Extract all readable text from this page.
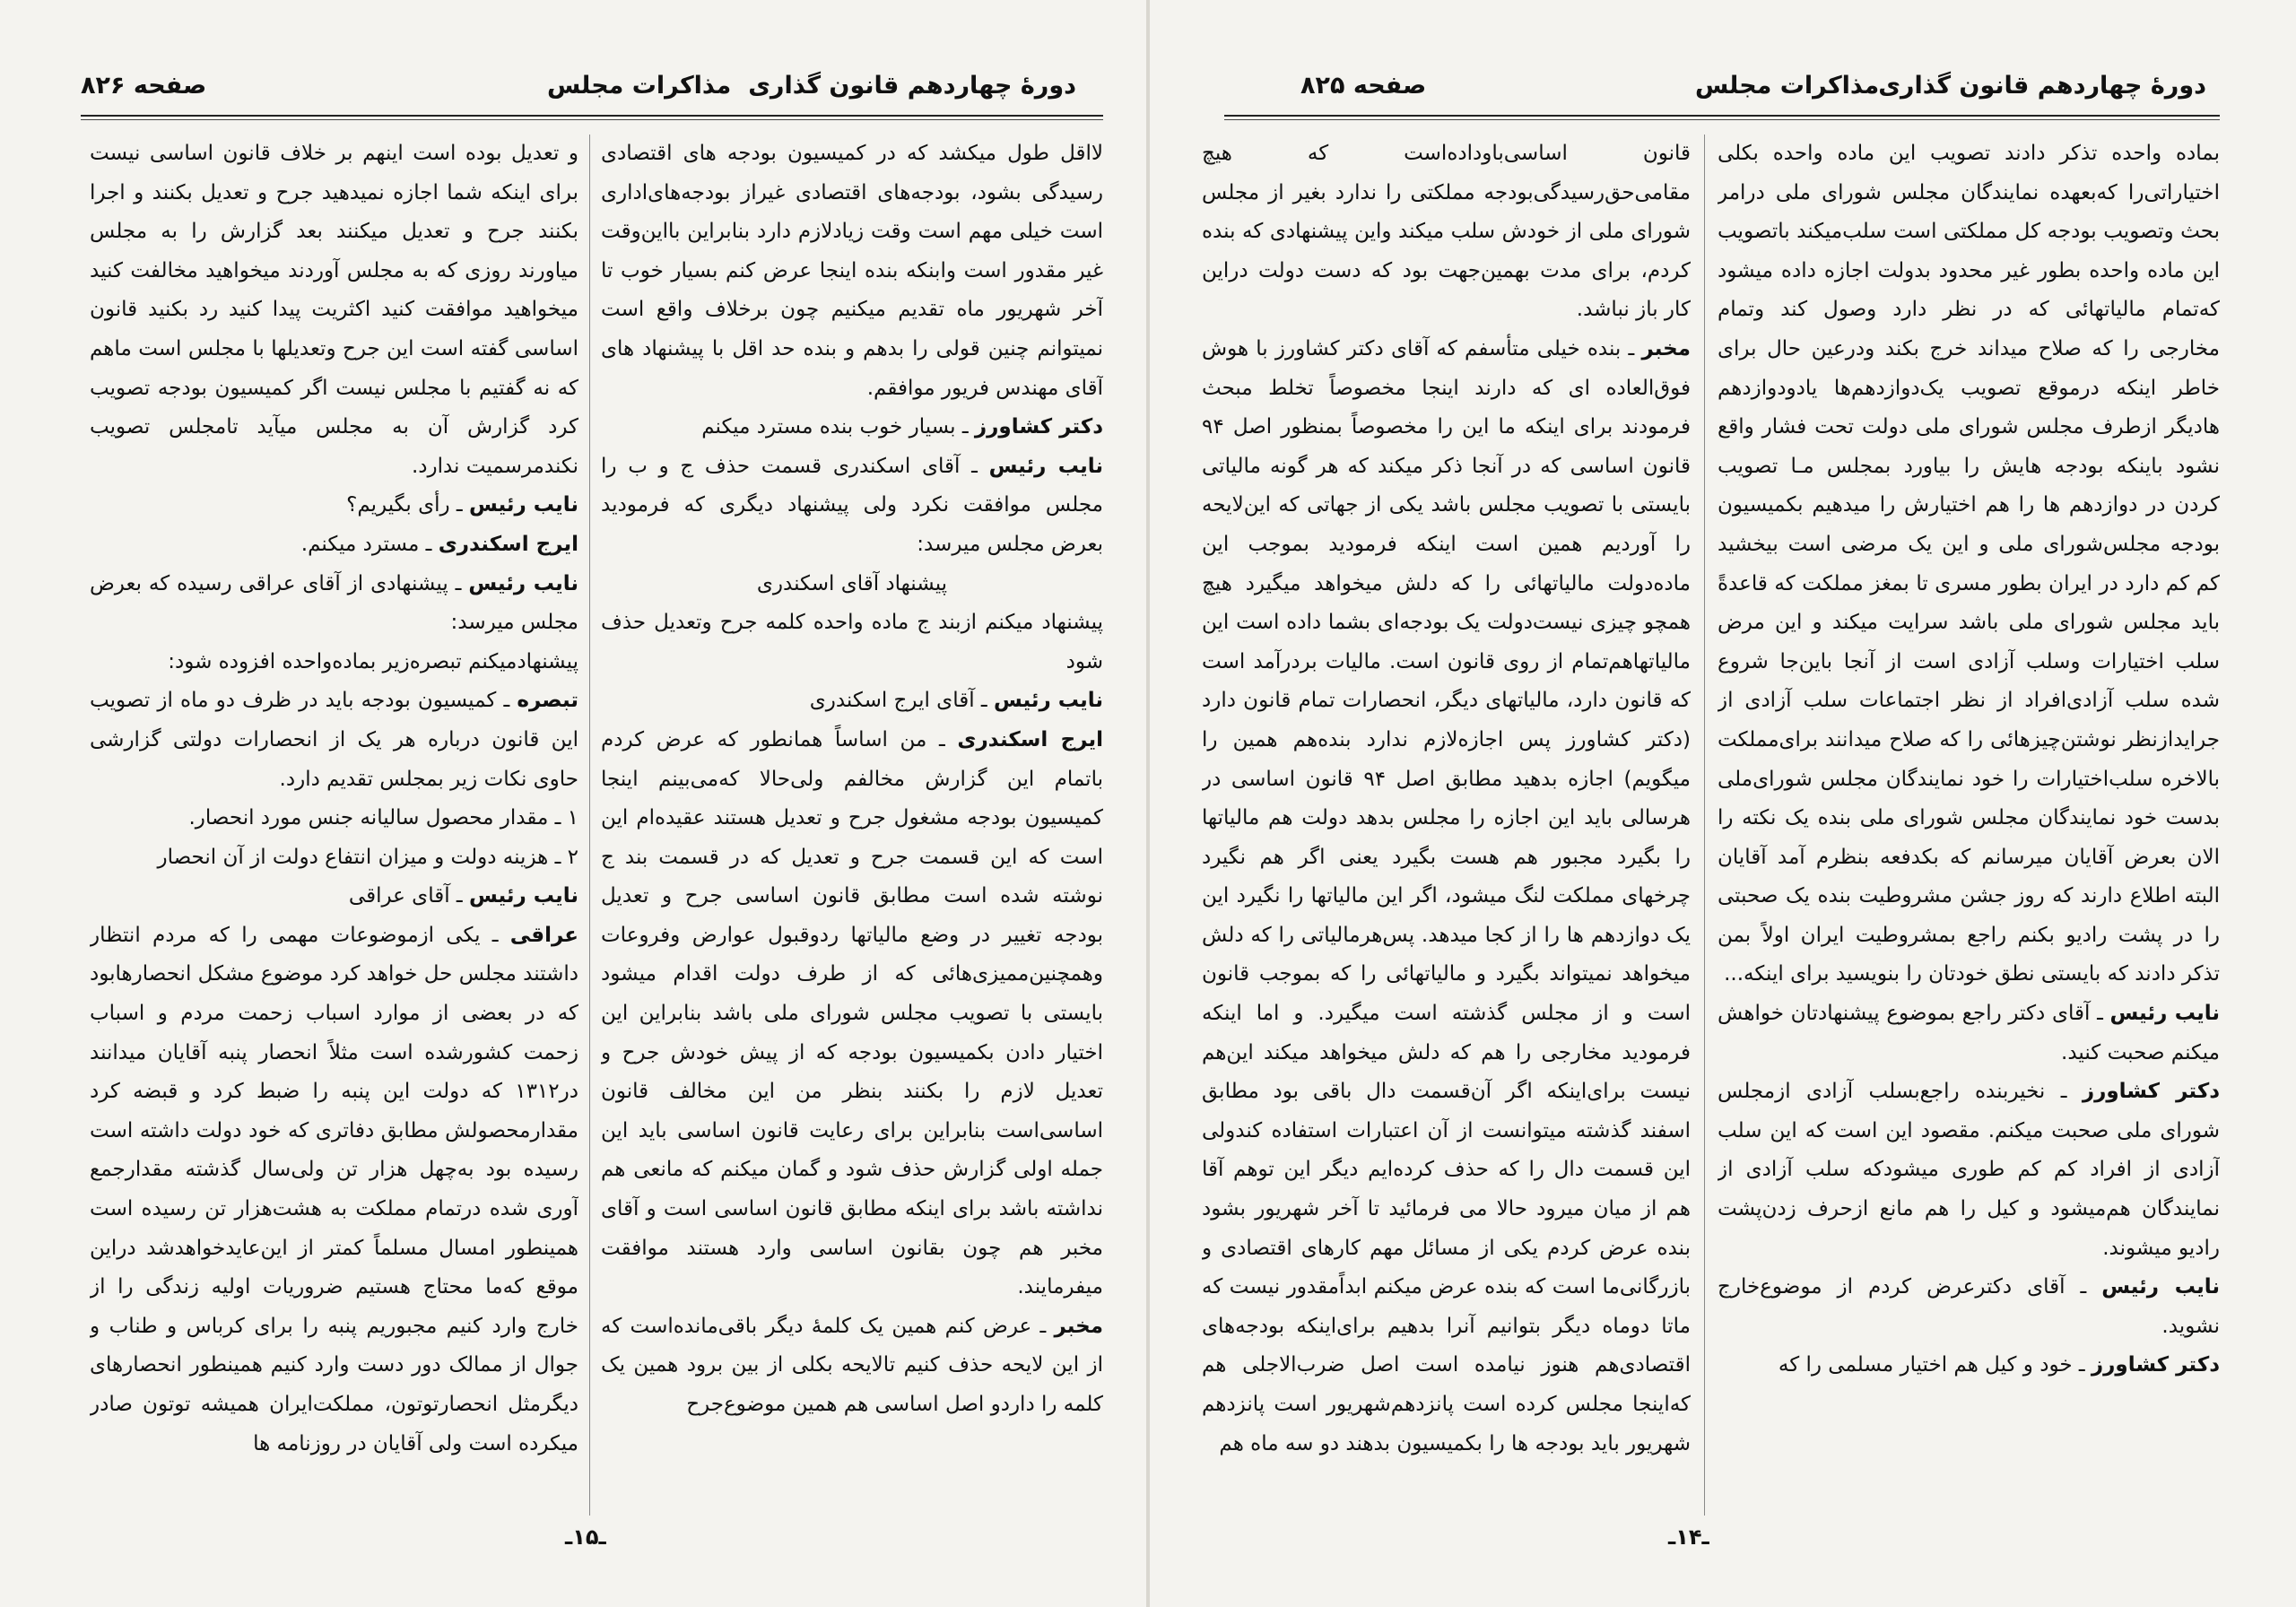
صفحه ۸۲۶	مذاکرات مجلس دورهٔ چهاردهم قانون گذاری

لااقل طول میکشد که در کمیسیون بودجه های اقتصادی رسیدگی بشود، بودجه‌های اقتصادی غیراز بودجه‌های‌اداری است خیلی مهم است وقت زیادلازم دارد بنابراین با‌این‌وقت غیر مقدور است وابنکه بنده اینجا عرض کنم بسیار خوب تا آخر شهریور ماه تقدیم میکنیم چون برخلاف واقع است نمیتوانم چنین قولی را بدهم و بنده حد اقل با پیشنهاد های آقای مهندس فریور موافقم.

دکتر کشاورز ـ بسیار خوب بنده مسترد میکنم

نایب رئیس ـ آقای اسکندری قسمت حذف ج و ب را مجلس موافقت نکرد ولی پیشنهاد دیگری که فرمودید بعرض مجلس میرسد:

پیشنهاد آقای اسکندری

پیشنهاد میکنم ازبند ج ماده واحده کلمه جرح وتعدیل حذف شود

نایب رئیس ـ آقای ایرج اسکندری

ایرج اسکندری ـ من اساساً همانطور که عرض کردم باتمام این گزارش مخالفم ولی‌حالا که‌می‌بینم اینجا کمیسیون بودجه مشغول جرح و تعدیل هستند عقیده‌ام این است که این قسمت جرح و تعدیل که در قسمت بند ج نوشته شده است مطابق قانون اساسی جرح و تعدیل بودجه تغییر در وضع مالیاتها رد‌وقبول عوارض وفروعات وهمچنین‌ممیزی‌هائی که از طرف دولت اقدام میشود بایستی با تصویب مجلس شورای ملی باشد بنابراین این اختیار دادن بکمیسیون بودجه که از پیش خودش جرح و تعدیل لازم را بکنند بنظر من این مخالف قانون اساسی‌است بنابراین برای رعایت قانون اساسی باید این جمله اولی گزارش حذف شود و گمان میکنم که مانعی هم نداشته باشد برای اینکه مطابق قانون اساسی است و آقای مخبر هم چون بقانون اساسی وارد هستند موافقت میفرمایند.

مخبر ـ عرض کنم همین یک کلمهٔ دیگر باقی‌مانده‌است که از این لایحه حذف کنیم تالایحه بکلی از بین برود همین یک کلمه را داردو اصل اساسی هم همین موضوع‌جرح

و تعدیل بوده است اینهم بر خلاف قانون اساسی نیست برای اینکه شما اجازه نمیدهید جرح و تعدیل بکنند و اجرا بکنند جرح و تعدیل میکنند بعد گزارش را به مجلس میاورند روزی که به مجلس آوردند میخواهید مخالفت کنید میخواهید موافقت کنید اکثریت پیدا کنید رد بکنید قانون اساسی گفته است این جرح وتعدیلها با مجلس است ماهم که نه گفتیم با مجلس نیست اگر کمیسیون بودجه تصویب کرد گزارش آن به مجلس میآید تامجلس تصویب نکند‌مرسمیت ندارد.

نایب رئیس ـ رأی بگیریم؟

ایرج اسکندری ـ مسترد میکنم.

نایب رئیس ـ پیشنهادی از آقای عراقی رسیده که بعرض مجلس میرسد:

پیشنهادمیکنم تبصره‌زیر بماده‌واحده افزوده شود:

تبصره ـ کمیسیون بودجه باید در ظرف دو ماه از تصویب این قانون درباره هر یک از انحصارات دولتی گزارشی حاوی نکات زیر بمجلس تقدیم دارد.

۱ ـ مقدار محصول سالیانه جنس مورد انحصار.

۲ ـ هزینه دولت و میزان انتفاع دولت از آن انحصار

نایب رئیس ـ آقای عراقی

عراقی ـ یکی ازموضوعات مهمی را که مردم انتظار داشتند مجلس حل خواهد کرد موضوع مشکل انحصارهابود که در بعضی از موارد اسباب زحمت مردم و اسباب زحمت کشورشده است مثلاً انحصار پنبه آقایان میدانند در۱۳۱۲ که دولت این پنبه را ضبط کرد و قبضه کرد مقدارمحصولش مطابق دفاتری که خود دولت داشته است رسیده بود به‌چهل هزار تن ولی‌سال گذشته مقدارجمع آوری شده درتمام مملکت به هشت‌هزار تن رسیده است همینطور امسال مسلماً کمتر از این‌عایدخواهدشد دراین موقع که‌ما محتاج هستیم ضروریات اولیه زندگی را از خارج وارد کنیم مجبوریم پنبه را برای کرباس و طناب و جوال از ممالک دور دست وارد کنیم همینطور انحصارهای دیگرمثل انحصارتوتون، مملکت‌ایران همیشه توتون صادر میکرده است ولی آقایان در روزنامه ها

ـ۱۵ـ
صفحه ۸۲۵	مذاکرات مجلس
دورهٔ چهاردهم قانون گذاری

بماده واحده تذکر دادند تصویب این ماده واحده بکلی اختیاراتی‌را که‌بعهده نمایندگان مجلس شورای ملی در‌امر بحث وتصویب بودجه کل مملکتی است سلب‌میکند باتصویب این ماده واحده بطور غیر محدود بدولت اجازه داده میشود که‌تمام مالیاتهائی که در نظر دارد وصول کند وتمام مخارجی را که صلاح میداند خرج بکند ودرعین حال برای خاطر اینکه درموقع تصویب یک‌دوازدهم‌ها یادودوازدهم هادیگر ازطرف مجلس شورای ملی دولت تحت فشار واقع نشود باینکه بودجه هایش را بیاورد بمجلس مـا تصویب کردن در دوازدهم ها را هم اختیارش را میدهیم بکمیسیون بودجه مجلس‌شورای ملی و این یک مرضی است بیخشید کم کم دارد در ایران بطور مسری تا بمغز مملکت که قاعدةً باید مجلس شورای ملی باشد سرایت میکند و این مرض سلب اختیارات وسلب آزادی است از آنجا باین‌جا شروع شده سلب آزادی‌افراد از نظر اجتماعات سلب آزادی از جرایداز‌نظر نوشتن‌چیزهائی را که صلاح میدانند برای‌مملکت بالاخره سلب‌اختیارات را خود نمایندگان مجلس شورای‌ملی بدست خود نمایندگان مجلس شورای ملی بنده یک نکته را الان بعرض آقایان میرسانم که بکدفعه بنظرم آمد آقایان البته اطلاع دارند که روز جشن مشروطیت بنده یک صحبتی را در پشت رادیو بکنم راجع بمشروطیت ایران اولاً بمن تذکر دادند که بایستی نطق خودتان را بنویسید برای اینکه...

نایب رئیس ـ آقای دکتر راجع بموضوع پیشنهادتان خواهش میکنم صحبت کنید.

دکتر کشاورز ـ نخیر‌بنده راجع‌بسلب آزادی ازمجلس شورای ملی صحبت میکنم. مقصود این است که این سلب آزادی از افراد کم کم طوری میشودکه سلب آزادی از نمایندگان هم‌میشود و کیل را هم مانع ازحرف زدن‌پشت رادیو میشوند.

نایب رئیس ـ آقای دکتر‌عرض کردم از موضوع‌خارج نشوید.

دکتر کشاورز ـ خود و کیل هم اختیار مسلمی را که

قانون اساسی‌باوداده‌است که هیچ مقامی‌حق‌رسیدگی‌بودجه مملکتی را ندارد بغیر از مجلس شورای ملی از خودش سلب میکند واین پیشنهادی که بنده کردم، برای مدت بهمین‌جهت بود که دست دولت دراین کار باز نباشد.

مخبر ـ بنده خیلی متأسفم که آقای دکتر کشاورز با هوش فوق‌العاده ای که دارند اینجا مخصوصاً تخلط مبحث فرمودند برای اینکه ما این را مخصوصاً بمنظور اصل ۹۴ قانون اساسی که در آنجا ذکر میکند که هر گونه مالیاتی بایستی با تصویب مجلس باشد یکی از جهاتی که این‌لایحه را آوردیم همین است اینکه فرمودید بموجب این ماده‌دولت مالیاتهائی را که دلش میخواهد میگیرد هیچ همچو چیزی نیست‌دولت یک بودجه‌ای بشما داده است این مالیاتهاهم‌تمام از روی قانون است. مالیات بردرآمد است که قانون دارد، مالیاتهای دیگر، انحصارات تمام قانون دارد (دکتر کشاورز پس اجازه‌لازم ندارد بنده‌هم همین را میگویم) اجازه بدهید مطابق اصل ۹۴ قانون اساسی در هرسالی باید این اجازه را مجلس بدهد دولت هم مالیاتها را بگیرد مجبور هم هست بگیرد یعنی اگر هم نگیرد چرخهای مملکت لنگ میشود، اگر این مالیاتها را نگیرد این یک دوازدهم ها را از کجا میدهد. پس‌هرمالیاتی را که دلش میخواهد نمیتواند بگیرد و مالیاتهائی را که بموجب قانون است و از مجلس گذشته است میگیرد. و اما اینکه فرمودید مخارجی را هم که دلش میخواهد میکند این‌هم نیست برای‌اینکه اگر آن‌قسمت دال باقی بود مطابق اسفند گذشته میتوانست از آن اعتبارات استفاده کندولی این قسمت دال را که حذف کرده‌ایم دیگر این توهم آقا هم از میان میرود حالا می فرمائید تا آخر شهریور بشود بنده عرض کردم یکی از مسائل مهم کارهای اقتصادی و بازرگانی‌ما است که بنده عرض میکنم ابداً‌مقدور نیست که ماتا دوماه دیگر بتوانیم آنرا بدهیم برای‌اینکه بودجه‌های اقتصادی‌هم هنوز نیامده است اصل ضرب‌الاجلی هم که‌اینجا مجلس کرده است پانزدهم‌شهریور است پانزدهم شهریور باید بودجه ها را بکمیسیون بدهند دو سه ماه هم

ـ۱۴ـ
